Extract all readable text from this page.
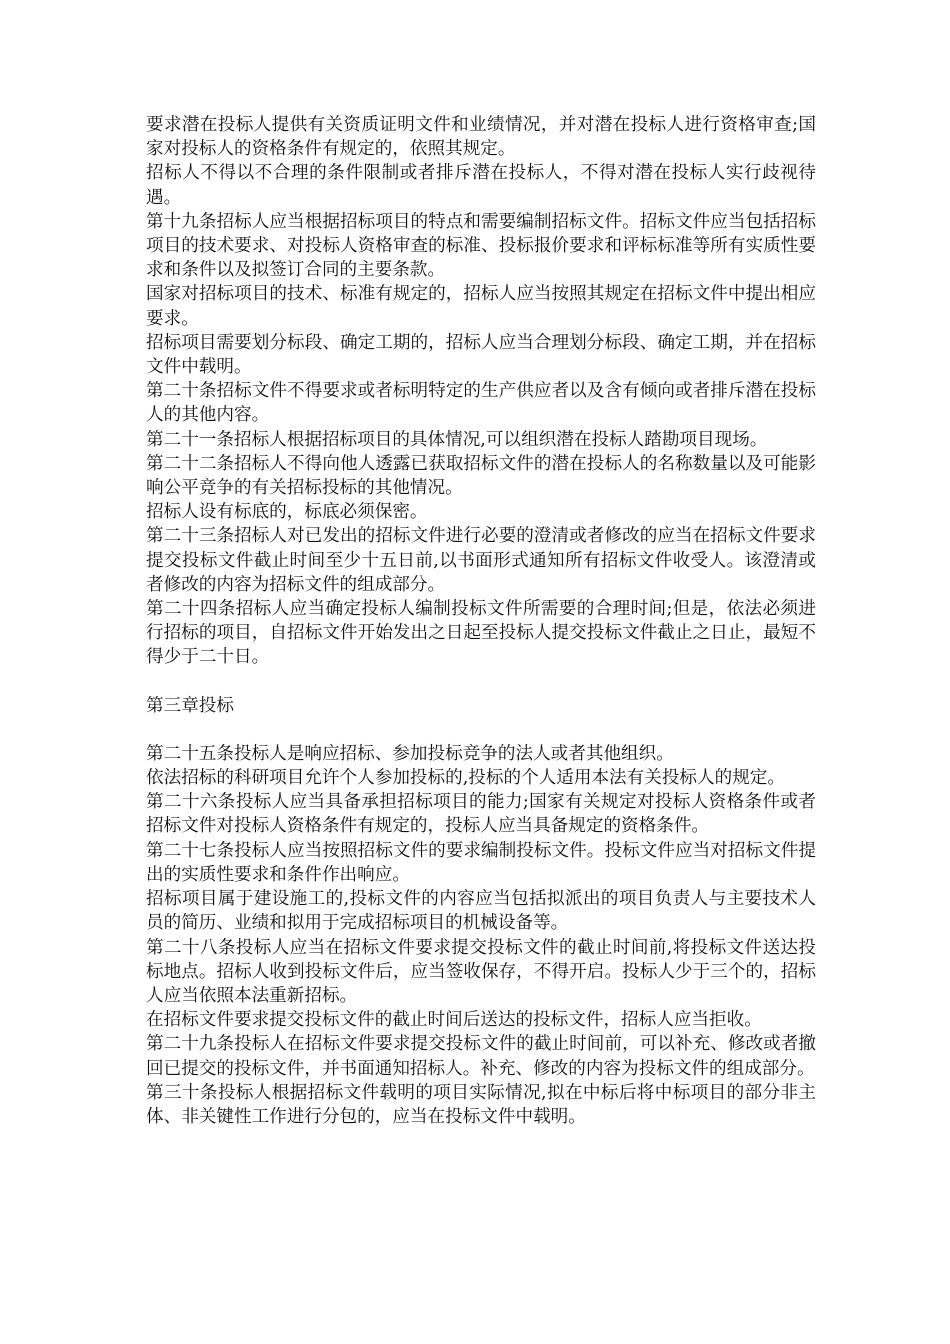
要求潜在投标人提供有关资质证明文件和业绩情况，并对潜在投标人进行资格审查;国家对投标人的资格条件有规定的，依照其规定。

招标人不得以不合理的条件限制或者排斥潜在投标人，不得对潜在投标人实行歧视待遇。

第十九条招标人应当根据招标项目的特点和需要编制招标文件。招标文件应当包括招标项目的技术要求、对投标人资格审查的标准、投标报价要求和评标标准等所有实质性要求和条件以及拟签订合同的主要条款。

国家对招标项目的技术、标准有规定的，招标人应当按照其规定在招标文件中提出相应要求。

招标项目需要划分标段、确定工期的，招标人应当合理划分标段、确定工期，并在招标文件中载明。

第二十条招标文件不得要求或者标明特定的生产供应者以及含有倾向或者排斥潜在投标人的其他内容。

第二十一条招标人根据招标项目的具体情况,可以组织潜在投标人踏勘项目现场。

第二十二条招标人不得向他人透露已获取招标文件的潜在投标人的名称数量以及可能影响公平竞争的有关招标投标的其他情况。

招标人设有标底的，标底必须保密。

第二十三条招标人对已发出的招标文件进行必要的澄清或者修改的应当在招标文件要求提交投标文件截止时间至少十五日前,以书面形式通知所有招标文件收受人。该澄清或者修改的内容为招标文件的组成部分。

第二十四条招标人应当确定投标人编制投标文件所需要的合理时间;但是，依法必须进行招标的项目，自招标文件开始发出之日起至投标人提交投标文件截止之日止，最短不得少于二十日。

第三章投标

第二十五条投标人是响应招标、参加投标竞争的法人或者其他组织。

依法招标的科研项目允许个人参加投标的,投标的个人适用本法有关投标人的规定。

第二十六条投标人应当具备承担招标项目的能力;国家有关规定对投标人资格条件或者招标文件对投标人资格条件有规定的，投标人应当具备规定的资格条件。

第二十七条投标人应当按照招标文件的要求编制投标文件。投标文件应当对招标文件提出的实质性要求和条件作出响应。

招标项目属于建设施工的,投标文件的内容应当包括拟派出的项目负责人与主要技术人员的简历、业绩和拟用于完成招标项目的机械设备等。

第二十八条投标人应当在招标文件要求提交投标文件的截止时间前,将投标文件送达投标地点。招标人收到投标文件后，应当签收保存，不得开启。投标人少于三个的，招标人应当依照本法重新招标。

在招标文件要求提交投标文件的截止时间后送达的投标文件，招标人应当拒收。

第二十九条投标人在招标文件要求提交投标文件的截止时间前，可以补充、修改或者撤回已提交的投标文件，并书面通知招标人。补充、修改的内容为投标文件的组成部分。

第三十条投标人根据招标文件载明的项目实际情况,拟在中标后将中标项目的部分非主体、非关键性工作进行分包的，应当在投标文件中载明。
